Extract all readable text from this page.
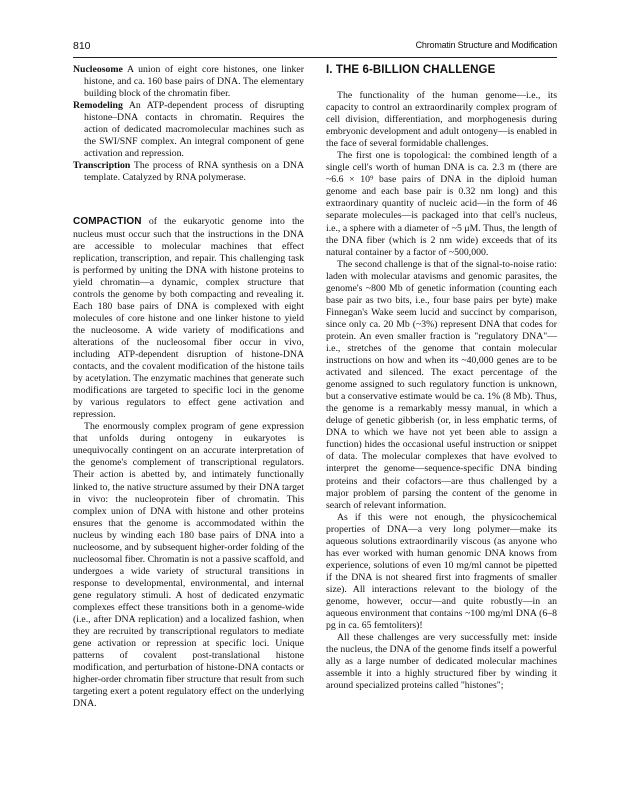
810	Chromatin Structure and Modification

Nucleosome A union of eight core histones, one linker histone, and ca. 160 base pairs of DNA. The elementary building block of the chromatin fiber.

Remodeling An ATP-dependent process of disrupting histone–DNA contacts in chromatin. Requires the action of dedicated macromolecular machines such as the SWI/SNF complex. An integral component of gene activation and repression.

Transcription The process of RNA synthesis on a DNA template. Catalyzed by RNA polymerase.

COMPACTION of the eukaryotic genome into the nucleus must occur such that the instructions in the DNA are accessible to molecular machines that effect replication, transcription, and repair. This challenging task is performed by uniting the DNA with histone proteins to yield chromatin—a dynamic, complex structure that controls the genome by both compacting and revealing it. Each 180 base pairs of DNA is complexed with eight molecules of core histone and one linker histone to yield the nucleosome. A wide variety of modifications and alterations of the nucleosomal fiber occur in vivo, including ATP-dependent disruption of histone-DNA contacts, and the covalent modification of the histone tails by acetylation. The enzymatic machines that generate such modifications are targeted to specific loci in the genome by various regulators to effect gene activation and repression.

The enormously complex program of gene expression that unfolds during ontogeny in eukaryotes is unequivocally contingent on an accurate interpretation of the genome's complement of transcriptional regulators. Their action is abetted by, and intimately functionally linked to, the native structure assumed by their DNA target in vivo: the nucleoprotein fiber of chromatin. This complex union of DNA with histone and other proteins ensures that the genome is accommodated within the nucleus by winding each 180 base pairs of DNA into a nucleosome, and by subsequent higher-order folding of the nucleosomal fiber. Chromatin is not a passive scaffold, and undergoes a wide variety of structural transitions in response to developmental, environmental, and internal gene regulatory stimuli. A host of dedicated enzymatic complexes effect these transitions both in a genome-wide (i.e., after DNA replication) and a localized fashion, when they are recruited by transcriptional regulators to mediate gene activation or repression at specific loci. Unique patterns of covalent post-translational histone modification, and perturbation of histone-DNA contacts or higher-order chromatin fiber structure that result from such targeting exert a potent regulatory effect on the underlying DNA.

I. THE 6-BILLION CHALLENGE

The functionality of the human genome—i.e., its capacity to control an extraordinarily complex program of cell division, differentiation, and morphogenesis during embryonic development and adult ontogeny—is enabled in the face of several formidable challenges.

The first one is topological: the combined length of a single cell's worth of human DNA is ca. 2.3 m (there are ~6.6 × 10⁹ base pairs of DNA in the diploid human genome and each base pair is 0.32 nm long) and this extraordinary quantity of nucleic acid—in the form of 46 separate molecules—is packaged into that cell's nucleus, i.e., a sphere with a diameter of ~5 μM. Thus, the length of the DNA fiber (which is 2 nm wide) exceeds that of its natural container by a factor of ~500,000.

The second challenge is that of the signal-to-noise ratio: laden with molecular atavisms and genomic parasites, the genome's ~800 Mb of genetic information (counting each base pair as two bits, i.e., four base pairs per byte) make Finnegan's Wake seem lucid and succinct by comparison, since only ca. 20 Mb (~3%) represent DNA that codes for protein. An even smaller fraction is "regulatory DNA"—i.e., stretches of the genome that contain molecular instructions on how and when its ~40,000 genes are to be activated and silenced. The exact percentage of the genome assigned to such regulatory function is unknown, but a conservative estimate would be ca. 1% (8 Mb). Thus, the genome is a remarkably messy manual, in which a deluge of genetic gibberish (or, in less emphatic terms, of DNA to which we have not yet been able to assign a function) hides the occasional useful instruction or snippet of data. The molecular complexes that have evolved to interpret the genome—sequence-specific DNA binding proteins and their cofactors—are thus challenged by a major problem of parsing the content of the genome in search of relevant information.

As if this were not enough, the physicochemical properties of DNA—a very long polymer—make its aqueous solutions extraordinarily viscous (as anyone who has ever worked with human genomic DNA knows from experience, solutions of even 10 mg/ml cannot be pipetted if the DNA is not sheared first into fragments of smaller size). All interactions relevant to the biology of the genome, however, occur—and quite robustly—in an aqueous environment that contains ~100 mg/ml DNA (6–8 pg in ca. 65 femtoliters)!

All these challenges are very successfully met: inside the nucleus, the DNA of the genome finds itself a powerful ally as a large number of dedicated molecular machines assemble it into a highly structured fiber by winding it around specialized proteins called "histones";
